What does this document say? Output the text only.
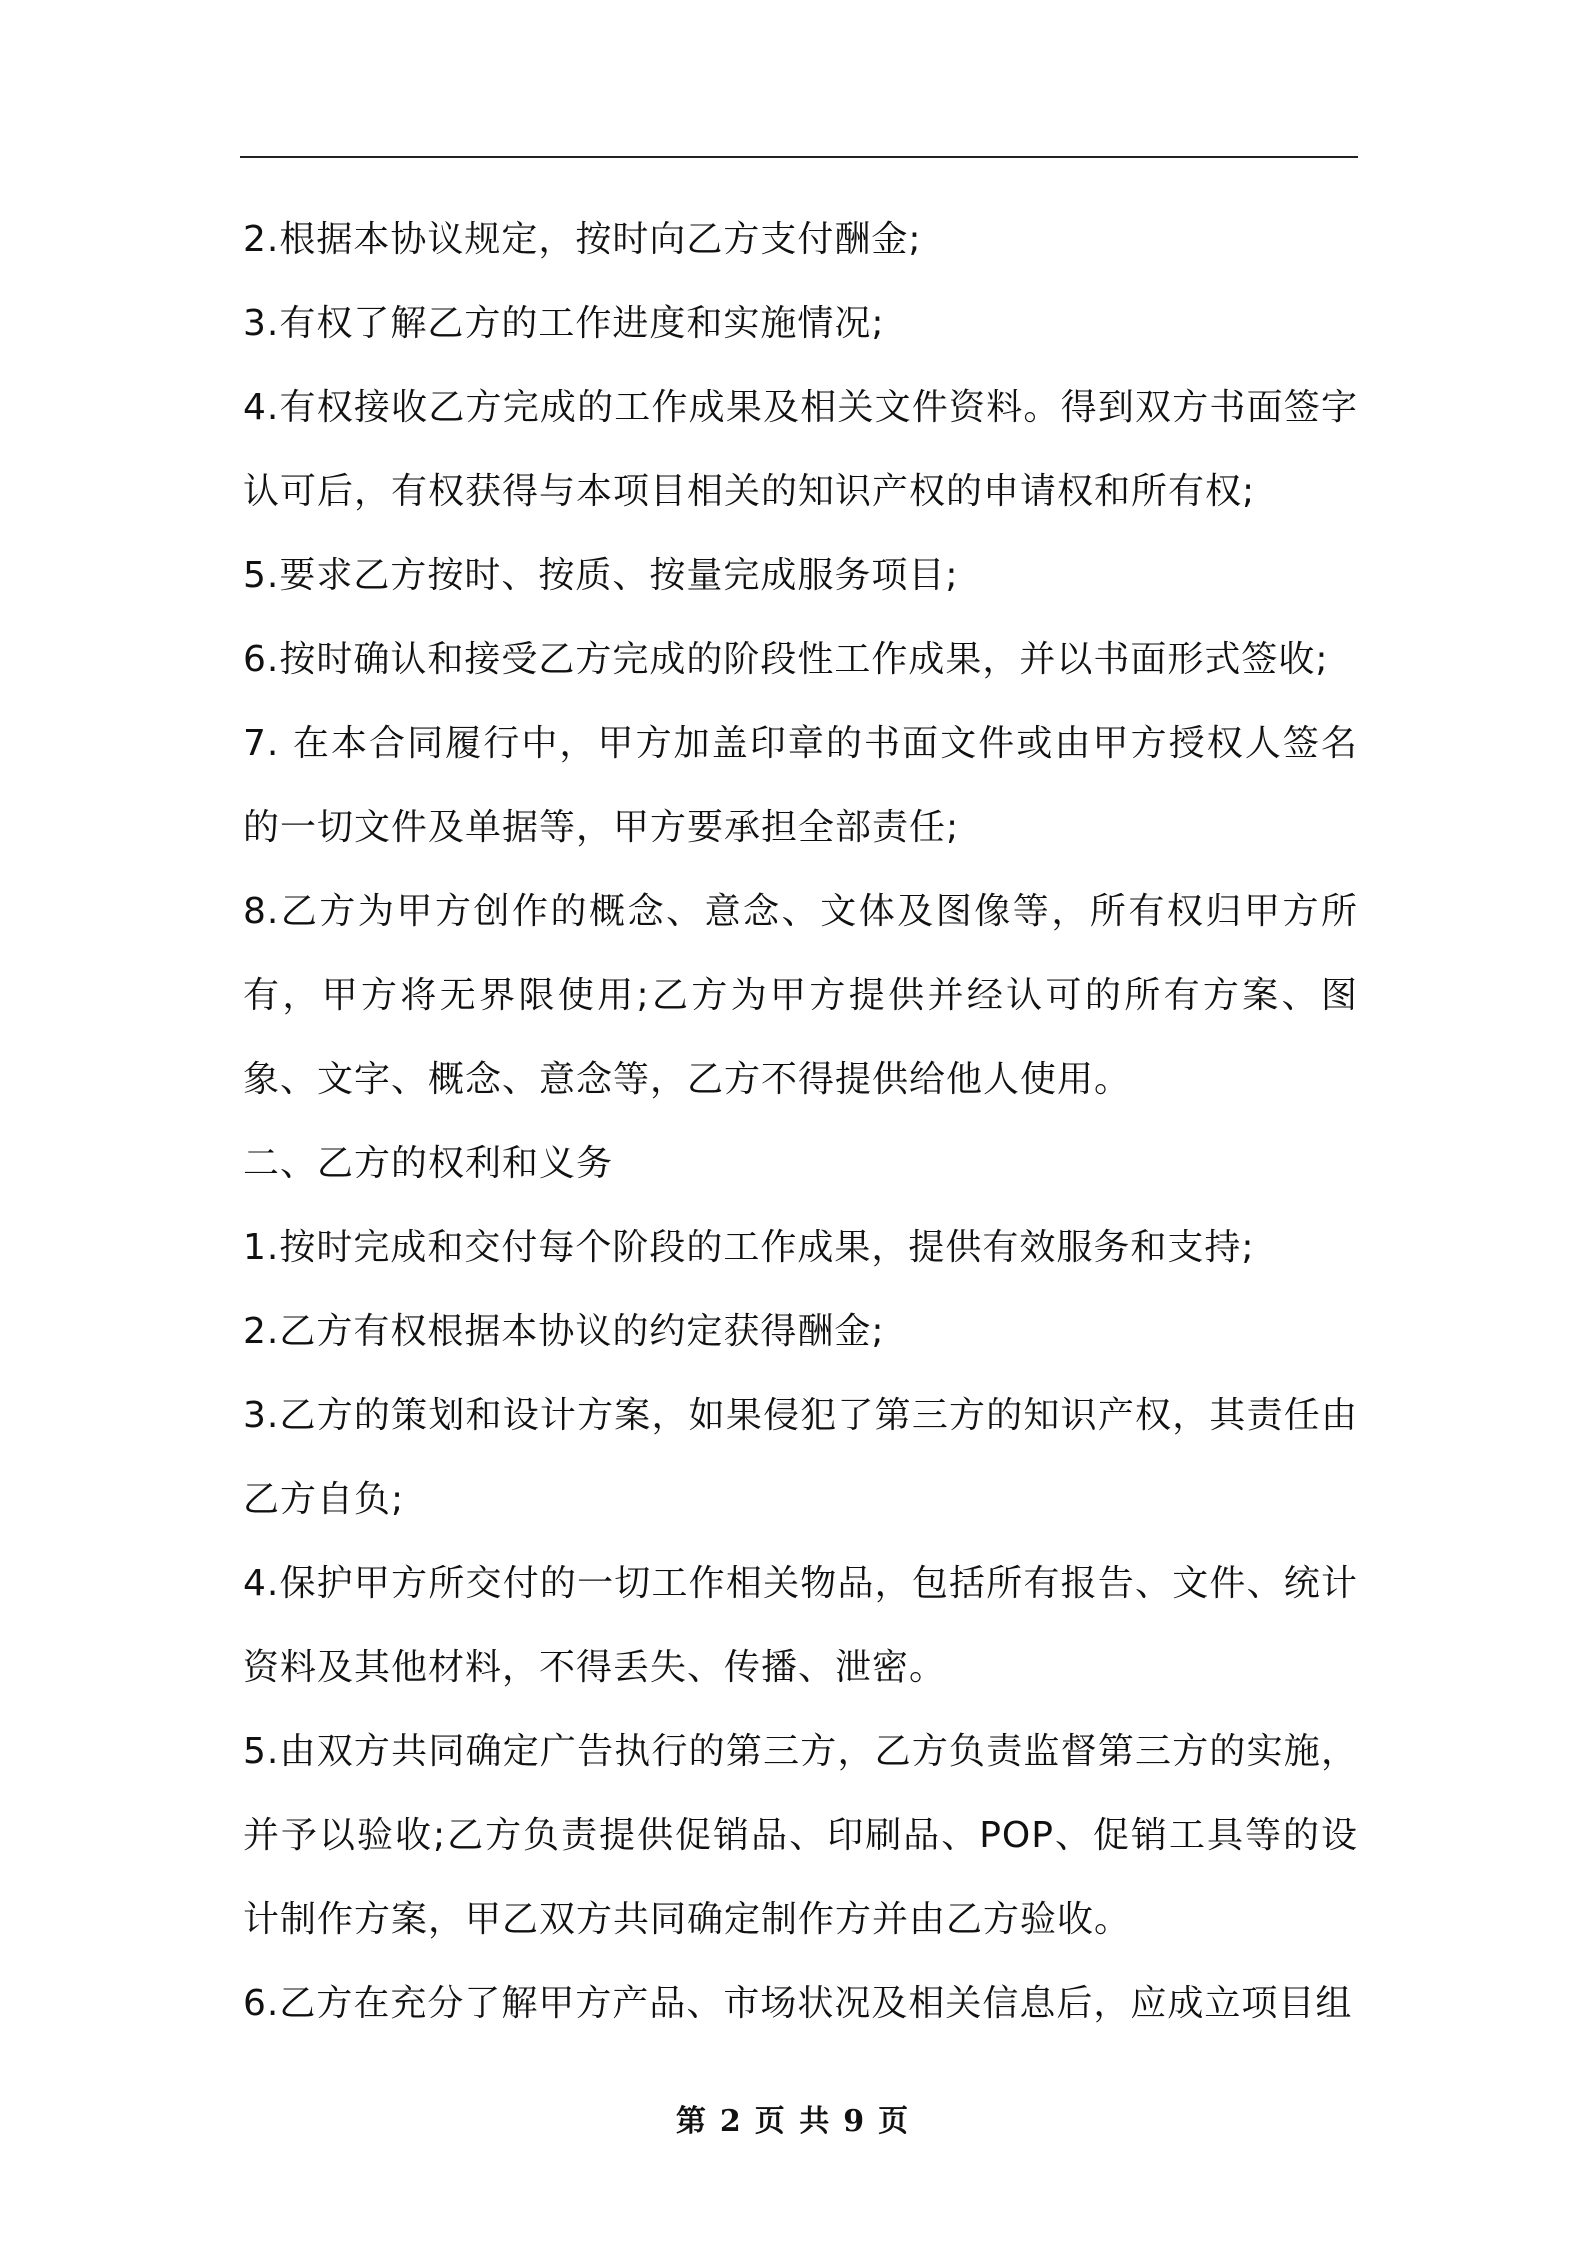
2.根据本协议规定，按时向乙方支付酬金;

3.有权了解乙方的工作进度和实施情况;

4.有权接收乙方完成的工作成果及相关文件资料。得到双方书面签字认可后，有权获得与本项目相关的知识产权的申请权和所有权;

5.要求乙方按时、按质、按量完成服务项目;

6.按时确认和接受乙方完成的阶段性工作成果，并以书面形式签收;

7. 在本合同履行中，甲方加盖印章的书面文件或由甲方授权人签名的一切文件及单据等，甲方要承担全部责任;

8.乙方为甲方创作的概念、意念、文体及图像等，所有权归甲方所有，甲方将无界限使用;乙方为甲方提供并经认可的所有方案、图象、文字、概念、意念等，乙方不得提供给他人使用。

二、乙方的权利和义务

1.按时完成和交付每个阶段的工作成果，提供有效服务和支持;

2.乙方有权根据本协议的约定获得酬金;

3.乙方的策划和设计方案，如果侵犯了第三方的知识产权，其责任由乙方自负;

4.保护甲方所交付的一切工作相关物品，包括所有报告、文件、统计资料及其他材料，不得丢失、传播、泄密。

5.由双方共同确定广告执行的第三方，乙方负责监督第三方的实施，并予以验收;乙方负责提供促销品、印刷品、POP、促销工具等的设计制作方案，甲乙双方共同确定制作方并由乙方验收。

6.乙方在充分了解甲方产品、市场状况及相关信息后，应成立项目组

第 2 页 共 9 页
